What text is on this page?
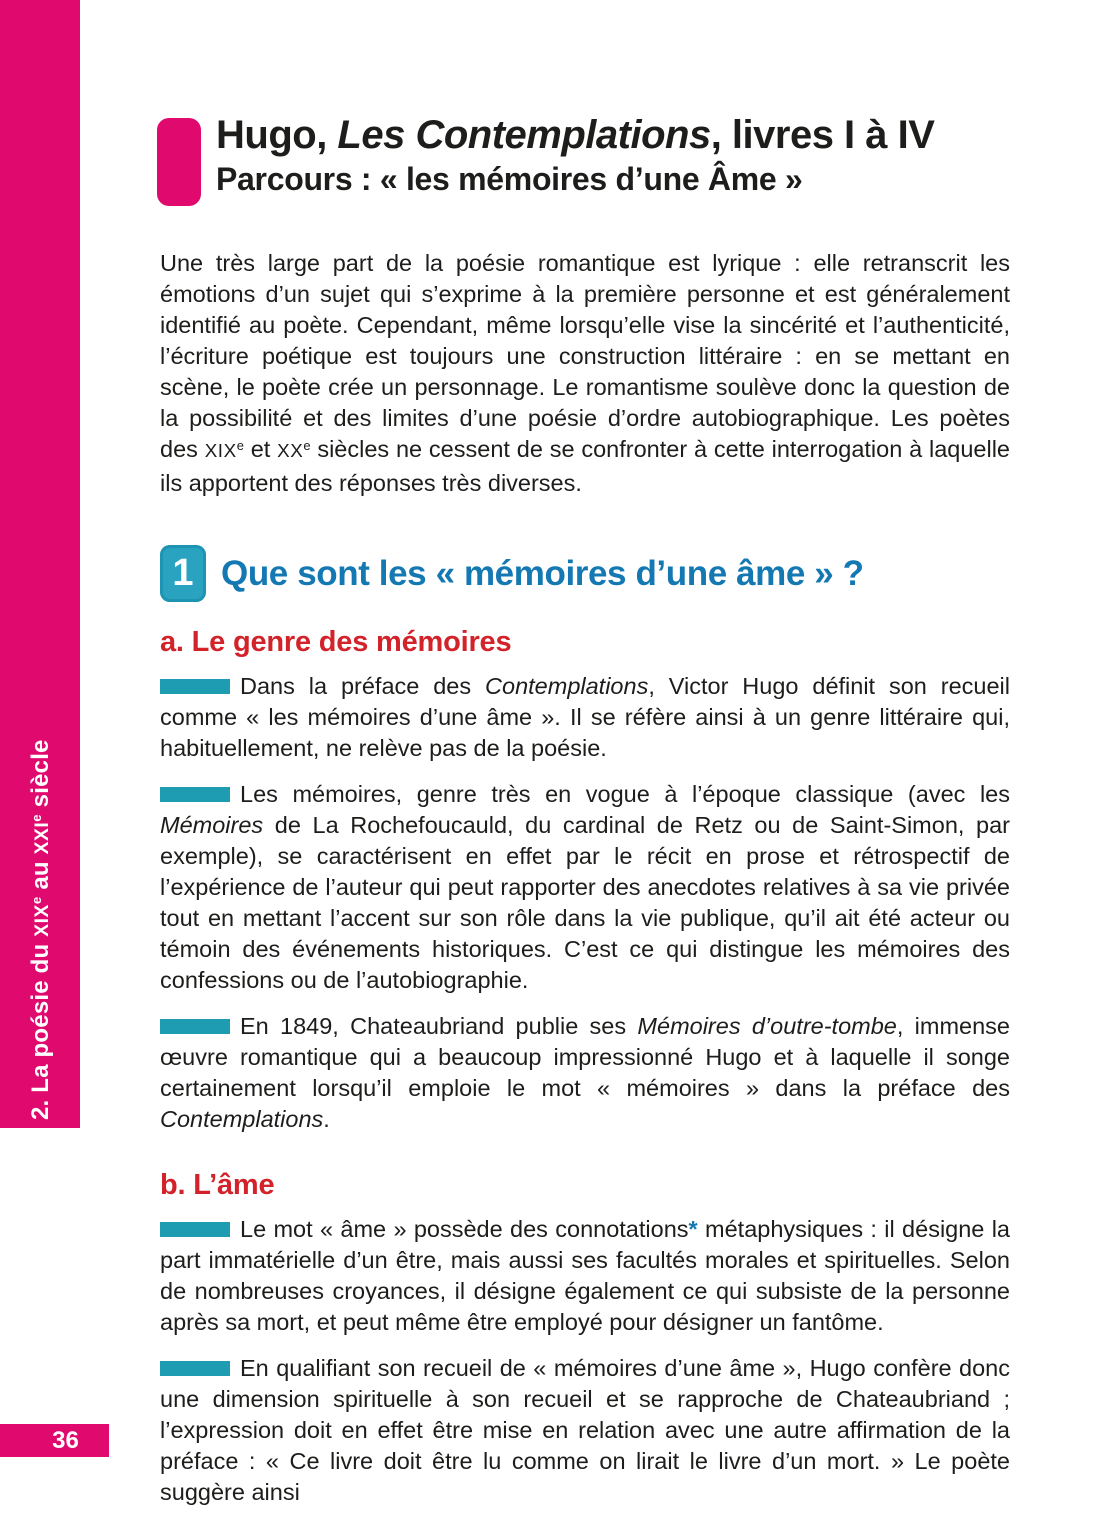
2. La poésie du XIXe au XXIe siècle
36
Hugo, Les Contemplations, livres I à IV
Parcours : « les mémoires d’une Âme »

Une très large part de la poésie romantique est lyrique : elle retranscrit les émotions d’un sujet qui s’exprime à la première personne et est généralement identifié au poète. Cependant, même lorsqu’elle vise la sincérité et l’authenticité, l’écriture poétique est toujours une construction littéraire : en se mettant en scène, le poète crée un personnage. Le romantisme soulève donc la question de la possibilité et des limites d’une poésie d’ordre autobiographique. Les poètes des XIXe et XXe siècles ne cessent de se confronter à cette interrogation à laquelle ils apportent des réponses très diverses.

1 Que sont les « mémoires d’une âme » ?
a. Le genre des mémoires

Dans la préface des Contemplations, Victor Hugo définit son recueil comme « les mémoires d’une âme ». Il se réfère ainsi à un genre littéraire qui, habituellement, ne relève pas de la poésie.

Les mémoires, genre très en vogue à l’époque classique (avec les Mémoires de La Rochefoucauld, du cardinal de Retz ou de Saint-Simon, par exemple), se caractérisent en effet par le récit en prose et rétrospectif de l’expérience de l’auteur qui peut rapporter des anecdotes relatives à sa vie privée tout en mettant l’accent sur son rôle dans la vie publique, qu’il ait été acteur ou témoin des événements historiques. C’est ce qui distingue les mémoires des confessions ou de l’autobiographie.

En 1849, Chateaubriand publie ses Mémoires d’outre-tombe, immense œuvre romantique qui a beaucoup impressionné Hugo et à laquelle il songe certainement lorsqu’il emploie le mot « mémoires » dans la préface des Contemplations.

b. L’âme

Le mot « âme » possède des connotations* métaphysiques : il désigne la part immatérielle d’un être, mais aussi ses facultés morales et spirituelles. Selon de nombreuses croyances, il désigne également ce qui subsiste de la personne après sa mort, et peut même être employé pour désigner un fantôme.

En qualifiant son recueil de « mémoires d’une âme », Hugo confère donc une dimension spirituelle à son recueil et se rapproche de Chateaubriand ; l’expression doit en effet être mise en relation avec une autre affirmation de la préface : « Ce livre doit être lu comme on lirait le livre d’un mort. » Le poète suggère ainsi
